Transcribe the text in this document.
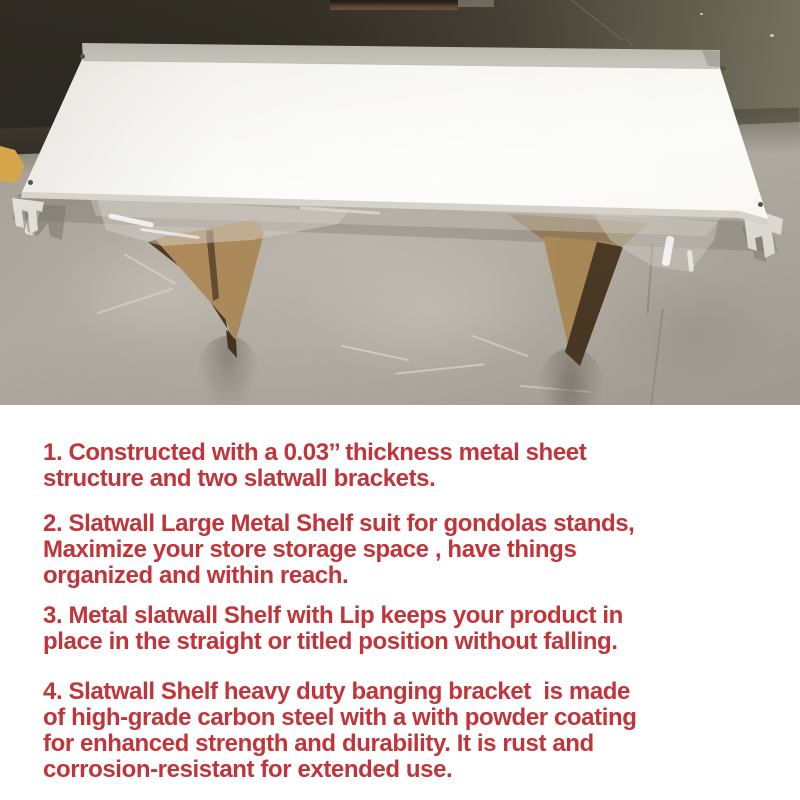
1. Constructed with a 0.03’’ thickness metal sheet
structure and two slatwall brackets.
2. Slatwall Large Metal Shelf suit for gondolas stands,
Maximize your store storage space , have things
organized and within reach.
3. Metal slatwall Shelf with Lip keeps your product in
place in the straight or titled position without falling.
4. Slatwall Shelf heavy duty banging bracket  is made
of high-grade carbon steel with a with powder coating
for enhanced strength and durability. It is rust and
corrosion-resistant for extended use.
